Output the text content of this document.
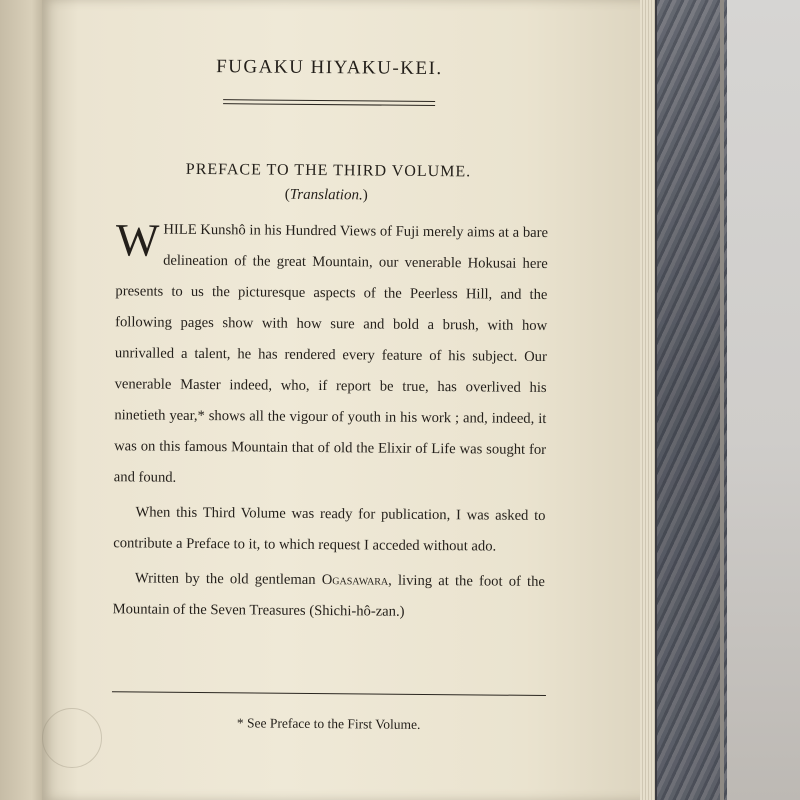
FUGAKU HIYAKU-KEI.
PREFACE TO THE THIRD VOLUME.
(Translation.)

WHILE Kunshô in his Hundred Views of Fuji merely aims at a bare delineation of the great Mountain, our venerable Hokusai here presents to us the picturesque aspects of the Peerless Hill, and the following pages show with how sure and bold a brush, with how unrivalled a talent, he has rendered every feature of his subject. Our venerable Master indeed, who, if report be true, has overlived his ninetieth year,* shows all the vigour of youth in his work ; and, indeed, it was on this famous Mountain that of old the Elixir of Life was sought for and found.

When this Third Volume was ready for publication, I was asked to contribute a Preface to it, to which request I acceded without ado.

Written by the old gentleman Ogasawara, living at the foot of the Mountain of the Seven Treasures (Shichi-hô-zan.)

* See Preface to the First Volume.
